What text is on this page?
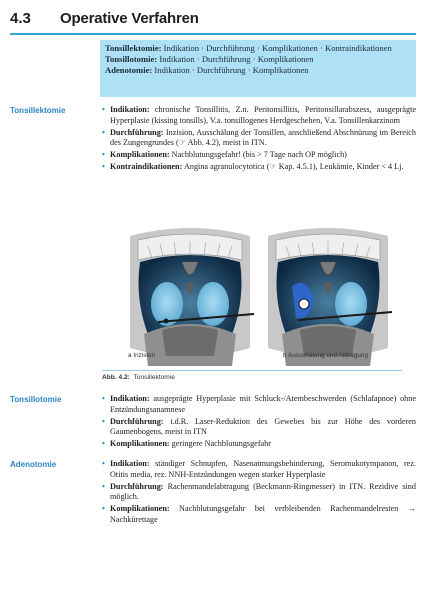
4.3 Operative Verfahren
Tonsillektomie: Indikation · Durchführung · Komplikationen · Kontraindikationen
Tonsillotomie: Indikation · Durchführung · Komplikationen
Adenotomie: Indikation · Durchführung · Komplikationen
Tonsillektomie	• Indikation: chronische Tonsillitis, Z.n. Peritonsillitis, Peritonsillarabszess, ausgeprägte Hyperplasie (kissing tonsills), V.a. tonsillogenes Herdgeschehen, V.a. Tonsillenkarzinom
• Durchführung: Inzision, Ausschälung der Tonsillen, anschließend Abschnürung im Bereich des Zungengrundes (☞ Abb. 4.2), meist in ITN.
• Komplikationen: Nachblutungsgefahr! (bis > 7 Tage nach OP möglich)
• Kontraindikationen: Angina agranulocytotica (☞ Kap. 4.5.1), Leukämie, Kinder < 4 Lj.
a Inzision	b Ausschälung und Abtragung
Abb. 4.2: Tonsillektomie
Tonsillotomie	• Indikation: ausgeprägte Hyperplasie mit Schluck-/Atembeschwerden (Schlafapnoe) ohne Entzündungsanamnese
• Durchführung: i.d.R. Laser-Reduktion des Gewebes bis zur Höhe des vorderen Gaumenbogens, meist in ITN
• Komplikationen: geringere Nachblutungsgefahr
Adenotomie	• Indikation: ständiger Schnupfen, Nasenatmungsbehinderung, Seromukotympanon, rez. Otitis media, rez. NNH-Entzündungen wegen starker Hyperplasie
• Durchführung: Rachenmandelabtragung (Beckmann-Ringmesser) in ITN. Rezidive sind möglich.
• Komplikationen: Nachblutungsgefahr bei verbleibenden Rachenmandelresten → Nachkürettage
